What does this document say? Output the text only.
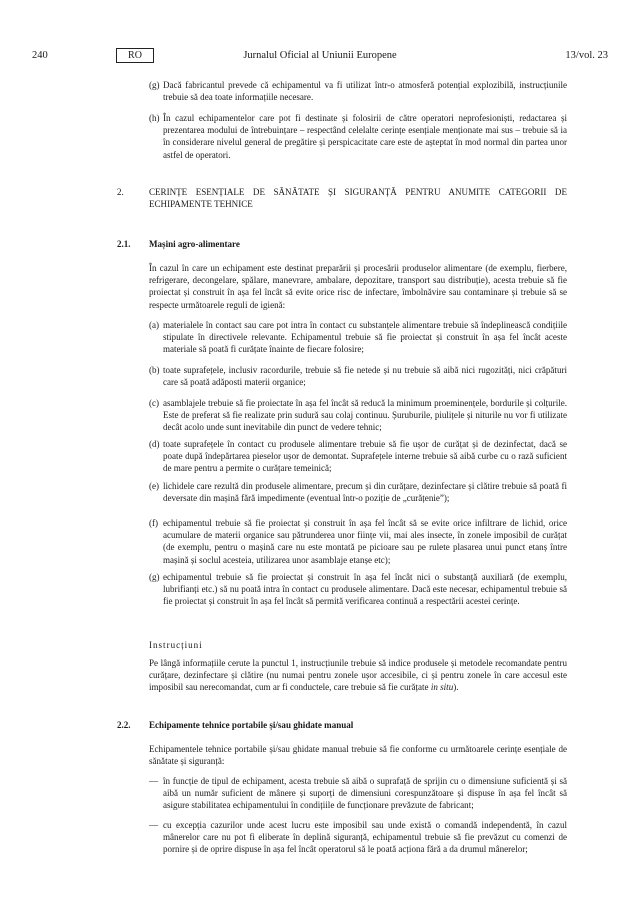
240	RO	Jurnalul Oficial al Uniunii Europene	13/vol. 23
(g) Dacă fabricantul prevede că echipamentul va fi utilizat într-o atmosferă potențial explozibilă, instrucțiunile trebuie să dea toate informațiile necesare.
(h) În cazul echipamentelor care pot fi destinate și folosirii de către operatori neprofesioniști, redactarea și prezentarea modului de întrebuințare – respectând celelalte cerințe esențiale menționate mai sus – trebuie să ia în considerare nivelul general de pregătire și perspicacitate care este de așteptat în mod normal din partea unor astfel de operatori.
2.	CERINȚE ESENȚIALE DE SĂNĂTATE ȘI SIGURANȚĂ PENTRU ANUMITE CATEGORII DE ECHIPAMENTE TEHNICE
2.1. Mașini agro-alimentare
În cazul în care un echipament este destinat preparării și procesării produselor alimentare (de exemplu, fierbere, refrigerare, decongelare, spălare, manevrare, ambalare, depozitare, transport sau distribuție), acesta trebuie să fie proiectat și construit în așa fel încât să evite orice risc de infectare, îmbolnăvire sau contaminare și trebuie să se respecte următoarele reguli de igienă:
(a) materialele în contact sau care pot intra în contact cu substanțele alimentare trebuie să îndeplinească condițiile stipulate în directivele relevante. Echipamentul trebuie să fie proiectat și construit în așa fel încât aceste materiale să poată fi curățate înainte de fiecare folosire;
(b) toate suprafețele, inclusiv racordurile, trebuie să fie netede și nu trebuie să aibă nici rugozități, nici crăpături care să poată adăposti materii organice;
(c) asamblajele trebuie să fie proiectate în așa fel încât să reducă la minimum proeminențele, bordurile și colțurile. Este de preferat să fie realizate prin sudură sau colaj continuu. Șuruburile, piulițele și niturile nu vor fi utilizate decât acolo unde sunt inevitabile din punct de vedere tehnic;
(d) toate suprafețele în contact cu produsele alimentare trebuie să fie ușor de curățat și de dezinfectat, dacă se poate după îndepărtarea pieselor ușor de demontat. Suprafețele interne trebuie să aibă curbe cu o rază suficient de mare pentru a permite o curățare temeinică;
(e) lichidele care rezultă din produsele alimentare, precum și din curățare, dezinfectare și clătire trebuie să poată fi deversate din mașină fără impedimente (eventual într-o poziție de „curățenie”);
(f) echipamentul trebuie să fie proiectat și construit în așa fel încât să se evite orice infiltrare de lichid, orice acumulare de materii organice sau pătrunderea unor ființe vii, mai ales insecte, în zonele imposibil de curățat (de exemplu, pentru o mașină care nu este montată pe picioare sau pe rulete plasarea unui punct etanș între mașină și soclul acesteia, utilizarea unor asamblaje etanșe etc);
(g) echipamentul trebuie să fie proiectat și construit în așa fel încât nici o substanță auxiliară (de exemplu, lubrifianți etc.) să nu poată intra în contact cu produsele alimentare. Dacă este necesar, echipamentul trebuie să fie proiectat și construit în așa fel încât să permită verificarea continuă a respectării acestei cerințe.
Instrucțiuni
Pe lângă informațiile cerute la punctul 1, instrucțiunile trebuie să indice produsele și metodele recomandate pentru curățare, dezinfectare și clătire (nu numai pentru zonele ușor accesibile, ci și pentru zonele în care accesul este imposibil sau nerecomandat, cum ar fi conductele, care trebuie să fie curățate in situ).
2.2. Echipamente tehnice portabile și/sau ghidate manual
Echipamentele tehnice portabile și/sau ghidate manual trebuie să fie conforme cu următoarele cerințe esențiale de sănătate și siguranță:
— în funcție de tipul de echipament, acesta trebuie să aibă o suprafață de sprijin cu o dimensiune suficientă și să aibă un număr suficient de mânere și suporți de dimensiuni corespunzătoare și dispuse în așa fel încât să asigure stabilitatea echipamentului în condițiile de funcționare prevăzute de fabricant;
— cu excepția cazurilor unde acest lucru este imposibil sau unde există o comandă independentă, în cazul mânerelor care nu pot fi eliberate în deplină siguranță, echipamentul trebuie să fie prevăzut cu comenzi de pornire și de oprire dispuse în așa fel încât operatorul să le poată acționa fără a da drumul mânerelor;
